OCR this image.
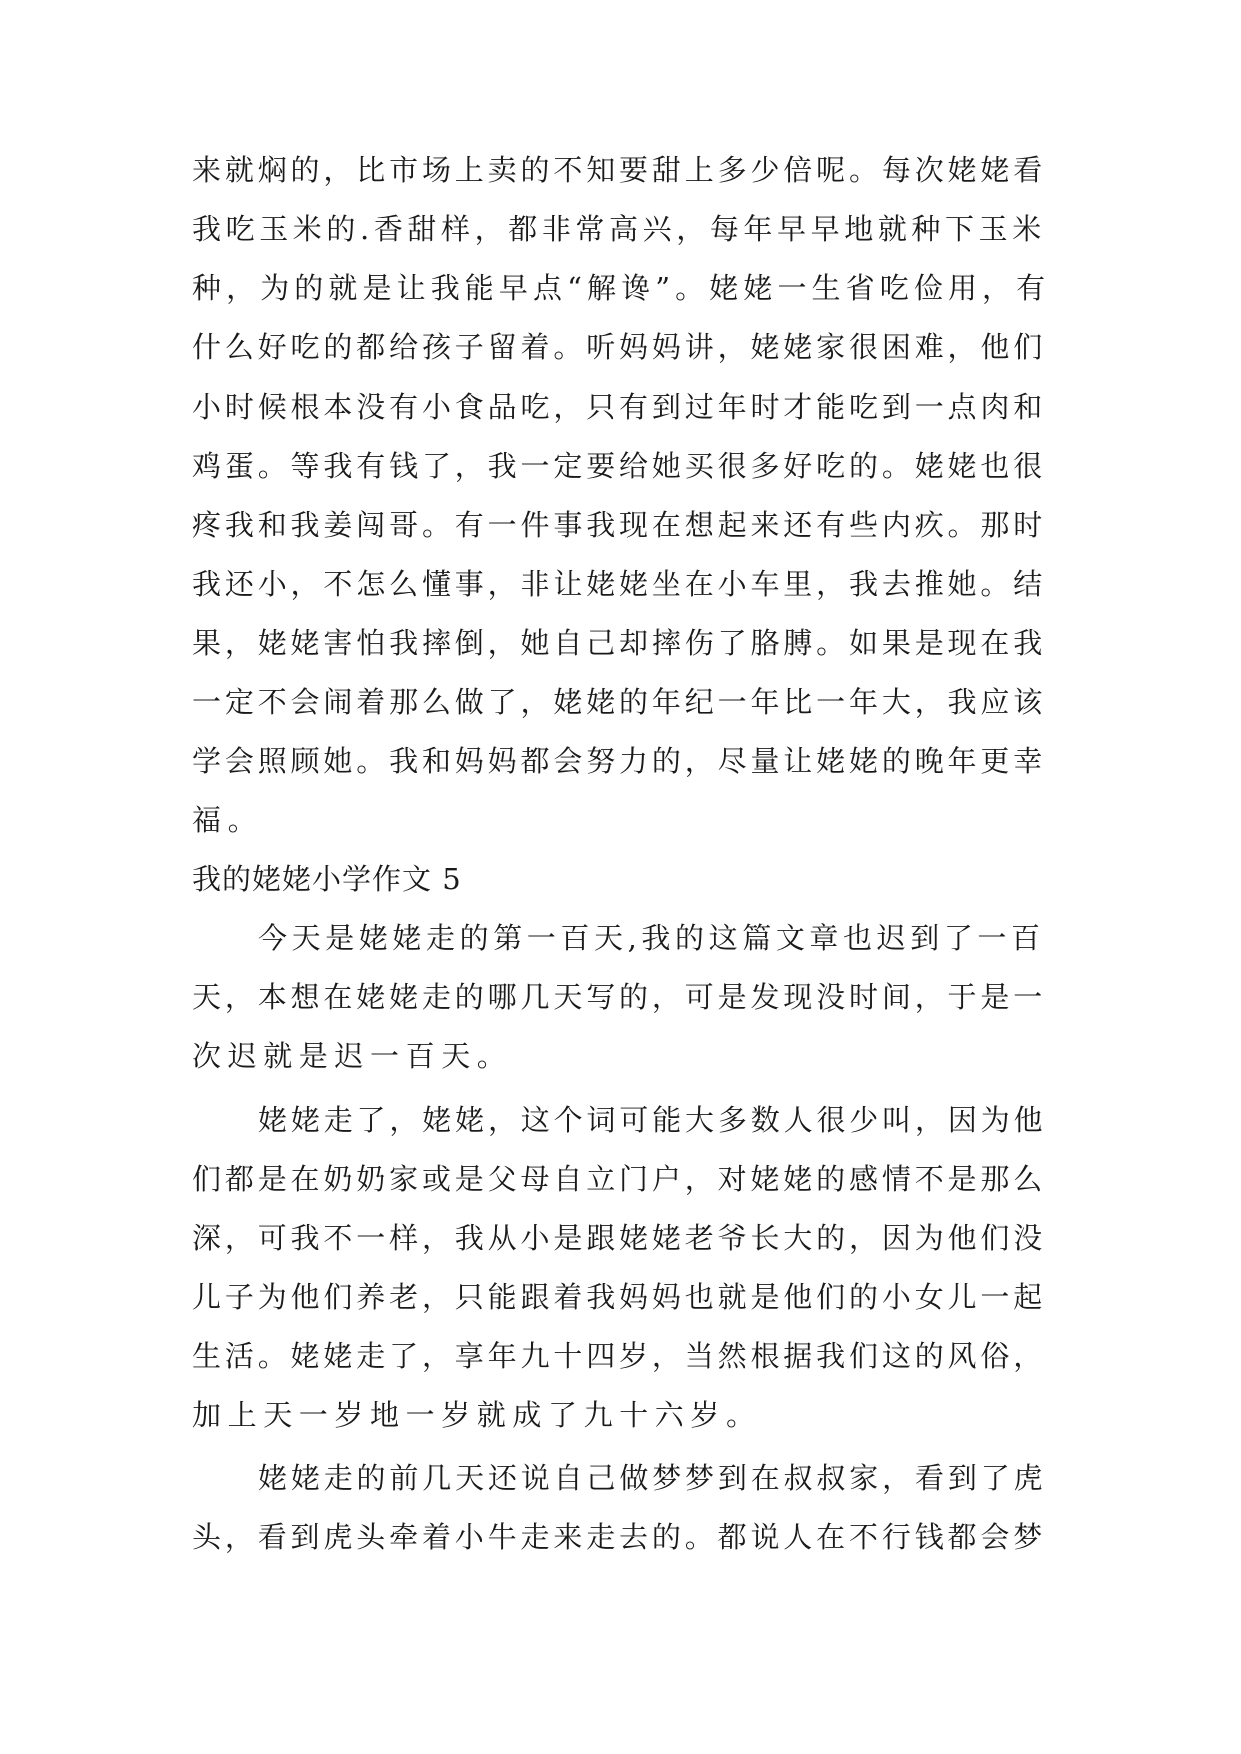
来就焖的，比市场上卖的不知要甜上多少倍呢。每次姥姥看
我吃玉米的.香甜样，都非常高兴，每年早早地就种下玉米
种，为的就是让我能早点“解谗”。姥姥一生省吃俭用，有
什么好吃的都给孩子留着。听妈妈讲，姥姥家很困难，他们
小时候根本没有小食品吃，只有到过年时才能吃到一点肉和
鸡蛋。等我有钱了，我一定要给她买很多好吃的。姥姥也很
疼我和我姜闯哥。有一件事我现在想起来还有些内疚。那时
我还小，不怎么懂事，非让姥姥坐在小车里，我去推她。结
果，姥姥害怕我摔倒，她自己却摔伤了胳膊。如果是现在我
一定不会闹着那么做了，姥姥的年纪一年比一年大，我应该
学会照顾她。我和妈妈都会努力的，尽量让姥姥的晚年更幸
福。
我的姥姥小学作文 5
今天是姥姥走的第一百天,我的这篇文章也迟到了一百
天，本想在姥姥走的哪几天写的，可是发现没时间，于是一
次迟就是迟一百天。
姥姥走了，姥姥，这个词可能大多数人很少叫，因为他
们都是在奶奶家或是父母自立门户，对姥姥的感情不是那么
深，可我不一样，我从小是跟姥姥老爷长大的，因为他们没
儿子为他们养老，只能跟着我妈妈也就是他们的小女儿一起
生活。姥姥走了，享年九十四岁，当然根据我们这的风俗，
加上天一岁地一岁就成了九十六岁。
姥姥走的前几天还说自己做梦梦到在叔叔家，看到了虎
头，看到虎头牵着小牛走来走去的。都说人在不行钱都会梦
